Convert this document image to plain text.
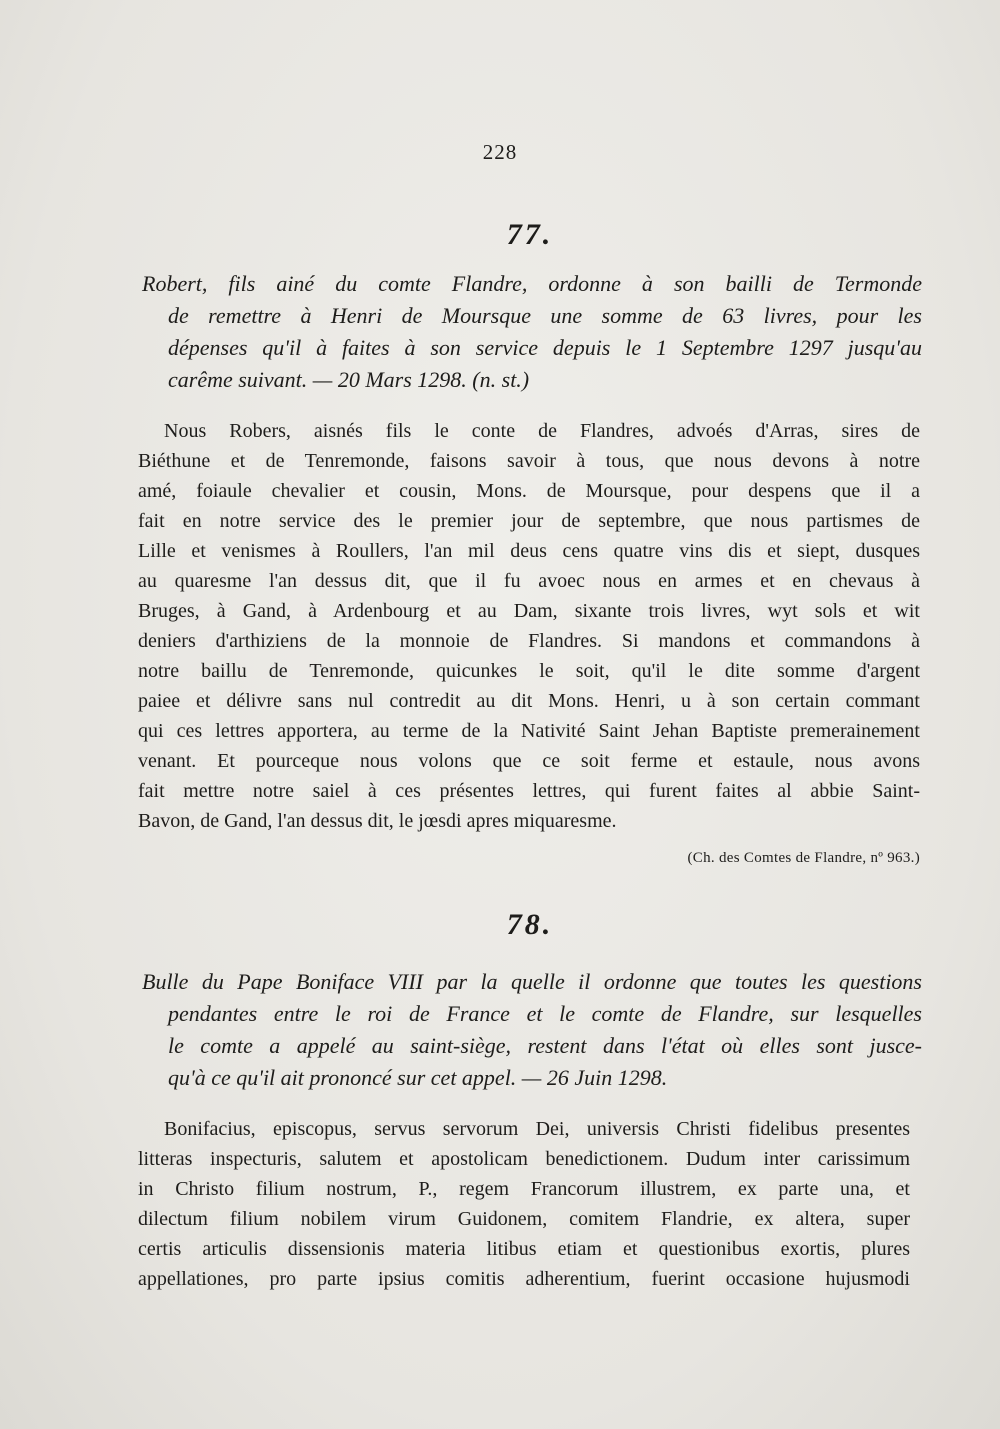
228
77.
Robert, fils ainé du comte Flandre, ordonne à son bailli de Termonde
de remettre à Henri de Moursque une somme de 63 livres, pour les
dépenses qu'il à faites à son service depuis le 1 Septembre 1297 jusqu'au
carême suivant. — 20 Mars 1298. (n. st.)
Nous Robers, aisnés fils le conte de Flandres, advoés d'Arras, sires de
Biéthune et de Tenremonde, faisons savoir à tous, que nous devons à notre
amé, foiaule chevalier et cousin, Mons. de Moursque, pour despens que il a
fait en notre service des le premier jour de septembre, que nous partismes de
Lille et venismes à Roullers, l'an mil deus cens quatre vins dis et siept, dusques
au quaresme l'an dessus dit, que il fu avoec nous en armes et en chevaus à
Bruges, à Gand, à Ardenbourg et au Dam, sixante trois livres, wyt sols et wit
deniers d'arthiziens de la monnoie de Flandres. Si mandons et commandons à
notre baillu de Tenremonde, quicunkes le soit, qu'il le dite somme d'argent
paiee et délivre sans nul contredit au dit Mons. Henri, u à son certain commant
qui ces lettres apportera, au terme de la Nativité Saint Jehan Baptiste premerainement
venant. Et pourceque nous volons que ce soit ferme et estaule, nous avons
fait mettre notre saiel à ces présentes lettres, qui furent faites al abbie Saint-
Bavon, de Gand, l'an dessus dit, le jœsdi apres miquaresme.
(Ch. des Comtes de Flandre, nº 963.)
78.
Bulle du Pape Boniface VIII par la quelle il ordonne que toutes les questions
pendantes entre le roi de France et le comte de Flandre, sur lesquelles
le comte a appelé au saint-siège, restent dans l'état où elles sont jusce-
qu'à ce qu'il ait prononcé sur cet appel. — 26 Juin 1298.
Bonifacius, episcopus, servus servorum Dei, universis Christi fidelibus presentes
litteras inspecturis, salutem et apostolicam benedictionem. Dudum inter carissimum
in Christo filium nostrum, P., regem Francorum illustrem, ex parte una, et
dilectum filium nobilem virum Guidonem, comitem Flandrie, ex altera, super
certis articulis dissensionis materia litibus etiam et questionibus exortis, plures
appellationes, pro parte ipsius comitis adherentium, fuerint occasione hujusmodi
